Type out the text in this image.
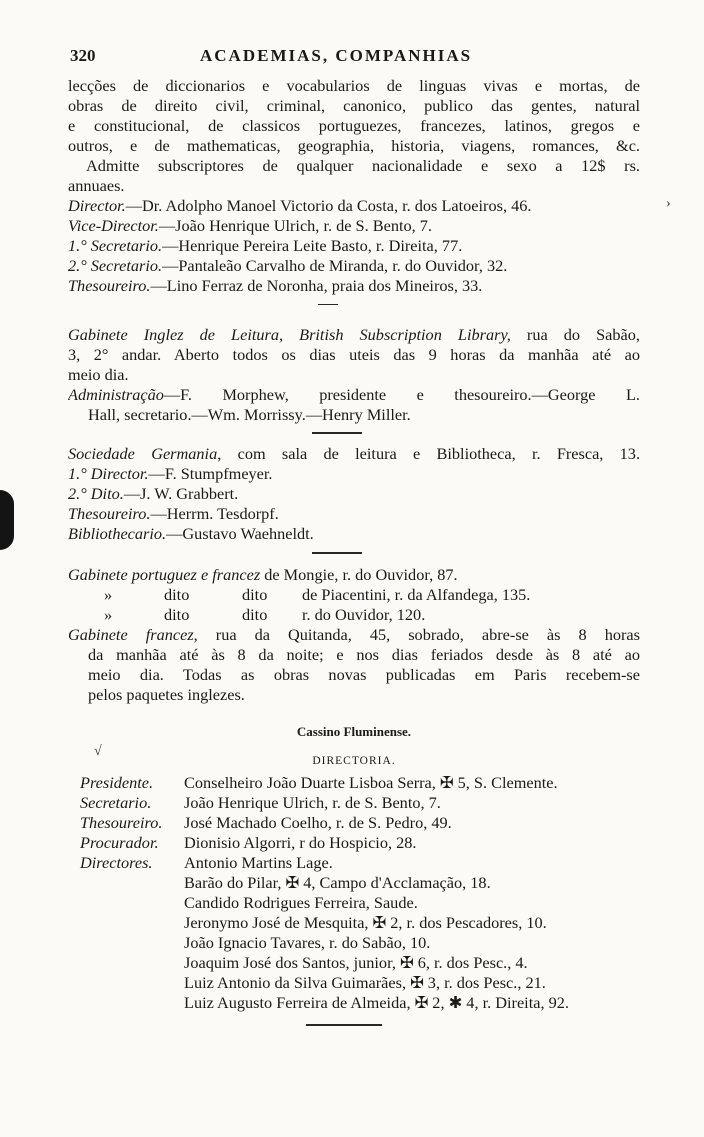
320	ACADEMIAS, COMPANHIAS
lecções de diccionarios e vocabularios de linguas vivas e mortas, de
obras de direito civil, criminal, canonico, publico das gentes, natural
e constitucional, de classicos portuguezes, francezes, latinos, gregos e
outros, e de mathematicas, geographia, historia, viagens, romances, &c.
Admitte subscriptores de qualquer nacionalidade e sexo a 12$ rs.
annuaes.
Director.—Dr. Adolpho Manoel Victorio da Costa, r. dos Latoeiros, 46.
Vice-Director.—João Henrique Ulrich, r. de S. Bento, 7.
1.° Secretario.—Henrique Pereira Leite Basto, r. Direita, 77.
2.° Secretario.—Pantaleão Carvalho de Miranda, r. do Ouvidor, 32.
Thesoureiro.—Lino Ferraz de Noronha, praia dos Mineiros, 33.
Gabinete Inglez de Leitura, British Subscription Library, rua do Sabão,
3, 2° andar. Aberto todos os dias uteis das 9 horas da manhãa até ao
meio dia.
Administração—F. Morphew, presidente e thesoureiro.—George L.
Hall, secretario.—Wm. Morrissy.—Henry Miller.
Sociedade Germania, com sala de leitura e Bibliotheca, r. Fresca, 13.
1.° Director.—F. Stumpfmeyer.
2.° Dito.—J. W. Grabbert.
Thesoureiro.—Herrm. Tesdorpf.
Bibliothecario.—Gustavo Waehneldt.
Gabinete portuguez e francez de Mongie, r. do Ouvidor, 87.
»	dito	dito de Piacentini, r. da Alfandega, 135.
»	dito	dito r. do Ouvidor, 120.
Gabinete francez, rua da Quitanda, 45, sobrado, abre-se às 8 horas
da manhãa até às 8 da noite; e nos dias feriados desde às 8 até ao
meio dia. Todas as obras novas publicadas em Paris recebem-se
pelos paquetes inglezes.
Cassino Fluminense.
DIRECTORIA.
Presidente.	Conselheiro João Duarte Lisboa Serra, ✠ 5, S. Clemente.
Secretario.	João Henrique Ulrich, r. de S. Bento, 7.
Thesoureiro.	José Machado Coelho, r. de S. Pedro, 49.
Procurador.	Dionisio Algorri, r do Hospicio, 28.
Directores.	Antonio Martins Lage.
Barão do Pilar, ✠ 4, Campo d'Acclamação, 18.
Candido Rodrigues Ferreira, Saude.
Jeronymo José de Mesquita, ✠ 2, r. dos Pescadores, 10.
João Ignacio Tavares, r. do Sabão, 10.
Joaquim José dos Santos, junior, ✠ 6, r. dos Pesc., 4.
Luiz Antonio da Silva Guimarães, ✠ 3, r. dos Pesc., 21.
Luiz Augusto Ferreira de Almeida, ✠ 2, ✱ 4, r. Direita, 92.
√
›
